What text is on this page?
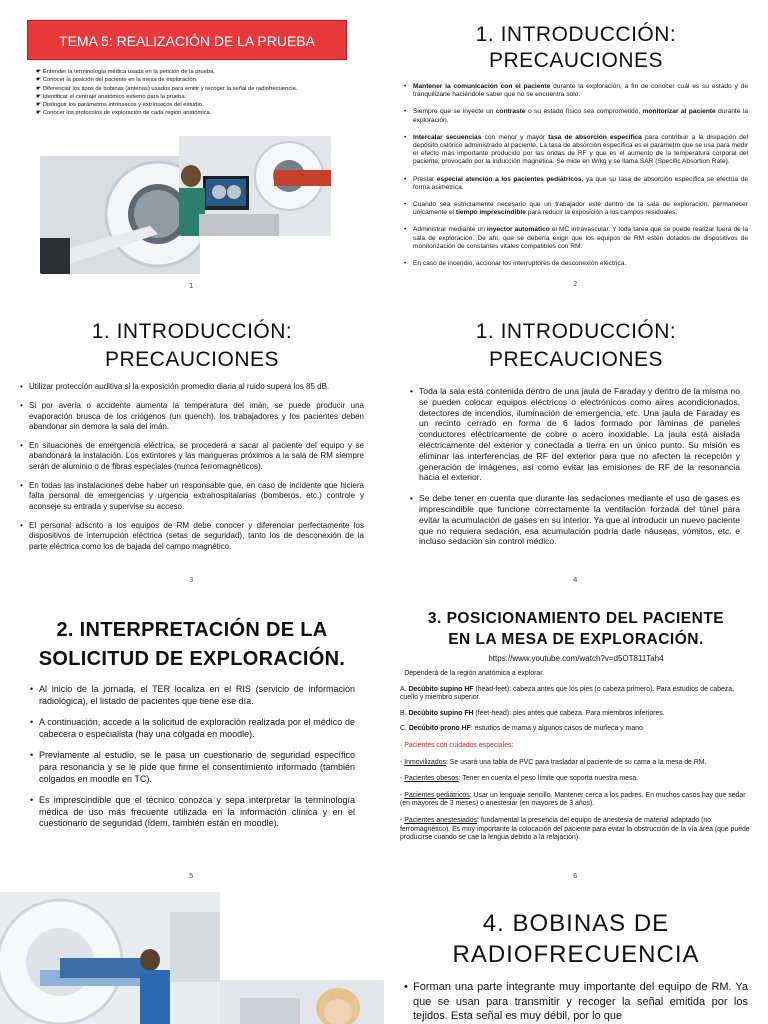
TEMA 5: REALIZACIÓN DE LA PRUEBA
☛ Entender la terminología médica usada en la petición de la prueba.
☛ Conocer la posición del paciente en la mesa de exploración.
☛ Diferenciar los tipos de bobinas (antenas) usados para emitir y recoger la señal de radiofrecuencia.
☛ Identificar el centraje anatómico externo para la prueba.
☛ Distinguir los parámetros intrínsecos y extrínsecos del estudio.
☛ Conocer los protocolos de exploración de cada región anatómica.
1
1. INTRODUCCIÓN:
PRECAUCIONES
• Mantener la comunicación con el paciente durante la exploración, a fin de conocer cuál es su estado y de tranquilizarle haciéndole saber que no se encuentra solo.
• Siempre que se inyecte un contraste o su estado físico sea comprometido, monitorizar al paciente durante la exploración.
• Intercalar secuencias con menor y mayor tasa de absorción específica para contribuir a la disipación del depósito calórico administrado al paciente. La tasa de absorción específica es el parámetro que se usa para medir el efecto más importante producido por las ondas de RF y que es el aumento de la temperatura corporal del paciente, provocado por la inducción magnética. Se mide en W/kg y se llama SAR (Specific Absortion Rate).
• Prestar especial atención a los pacientes pediátricos, ya que su tasa de absorción específica se efectúa de forma asimétrica.
• Cuando sea estrictamente necesario que un trabajador esté dentro de la sala de exploración, permanecer únicamente el tiempo imprescindible para reducir la exposición a los campos residuales.
• Administrar mediante un inyector automático el MC intravascular. Y toda tarea que se puede realizar fuera de la sala de exploración. De ahí, que se debería exigir que los equipos de RM estén dotados de dispositivos de monitorización de constantes vitales compatibles con RM.
• En caso de incendio, accionar los interruptores de desconexión eléctrica.
2
1. INTRODUCCIÓN:
PRECAUCIONES
• Utilizar protección auditiva si la exposición promedio diaria al ruido supera los 85 dB.
• Si por avería o accidente aumenta la temperatura del imán, se puede producir una evaporación brusca de los criógenos (un quench), los trabajadores y los pacientes deben abandonar sin demora la sala del imán.
• En situaciones de emergencia eléctrica, se procederá a sacar al paciente del equipo y se abandonará la instalación. Los extintores y las mangueras próximos a la sala de RM siempre serán de aluminio o de fibras especiales (nunca ferromagnéticos).
• En todas las instalaciones debe haber un responsable que, en caso de incidente que hiciera falta personal de emergencias y urgencia extrahospitalarias (bomberos, etc.) controle y aconseje su entrada y supervise su acceso.
• El personal adscrito a los equipos de RM debe conocer y diferenciar perfectamente los dispositivos de interrupción eléctrica (setas de seguridad), tanto los de desconexión de la parte eléctrica como los de bajada del campo magnético.
3
1. INTRODUCCIÓN:
PRECAUCIONES
• Toda la sala está contenida dentro de una jaula de Faraday y dentro de la misma no se pueden colocar equipos eléctricos o electrónicos como aires acondicionados, detectores de incendios, iluminación de emergencia, etc. Una jaula de Faraday es un recinto cerrado en forma de 6 lados formado por láminas de paneles conductores eléctricamente de cobre o acero inoxidable. La jaula está aislada eléctricamente del exterior y conectada a tierra en un único punto. Su misión es eliminar las interferencias de RF del exterior para que no afecten la recepción y generación de imágenes, así como evitar las emisiones de RF de la resonancia hacia el exterior.
• Se debe tener en cuenta que durante las sedaciones mediante el uso de gases es imprescindible que funcione correctamente la ventilación forzada del túnel para evitar la acumulación de gases en su interior. Ya que al introducir un nuevo paciente que no requiera sedación, esa acumulación podría darle náuseas, vómitos, etc. e incluso sedación sin control médico.
4
2. INTERPRETACIÓN DE LA
SOLICITUD DE EXPLORACIÓN.
• Al inicio de la jornada, el TER localiza en el RIS (servicio de información radiológica), el listado de pacientes que tiene ese día.
• A continuación, accede a la solicitud de exploración realizada por el médico de cabecera o especialista (hay una colgada en moodle).
• Previamente al estudio, se le pasa un cuestionario de seguridad específico para resonancia y se le pide que firme el consentimiento informado (también colgados en moodle en TC).
• Es imprescindible que el técnico conozca y sepa interpretar la terminología médica de uso más frecuente utilizada en la información clínica y en el cuestionario de seguridad (ídem, también están en moodle).
5
3. POSICIONAMIENTO DEL PACIENTE
EN LA MESA DE EXPLORACIÓN.
https://www.youtube.com/watch?v=d5OT811Tah4
· Dependerá de la región anatómica a explorar.
A. Decúbito supino HF (head-feet): cabeza antes que los pies (o cabeza primero). Para estudios de cabeza, cuello y miembro superior.
B. Decúbito supino FH (feet-head): pies antes que cabeza. Para miembros inferiores.
C. Decúbito prono HF: estudios de mama y algunos casos de muñeca y mano.
· Pacientes con cuidados especiales:
- Inmovilizados: Se usará una tabla de PVC para trasladar al paciente de su cama a la mesa de RM.
- Pacientes obesos: Tener en cuenta el peso límite que soporta nuestra mesa.
- Pacientes pediátricos: Usar un lenguaje sencillo. Mantener cerca a los padres. En muchos casos hay que sedar (en mayores de 3 meses) o anestesiar (en mayores de 3 años).
- Pacientes anestesiados: fundamental la presencia del equipo de anestesia de material adaptado (no ferromagnético). Es muy importante la colocación del paciente para evitar la obstrucción de la vía área (que puede producirse cuando se cae la lengua debido a la relajación).
6
4. BOBINAS DE
RADIOFRECUENCIA
• Forman una parte integrante muy importante del equipo de RM. Ya que se usan para transmitir y recoger la señal emitida por los tejidos. Esta señal es muy débil, por lo que
